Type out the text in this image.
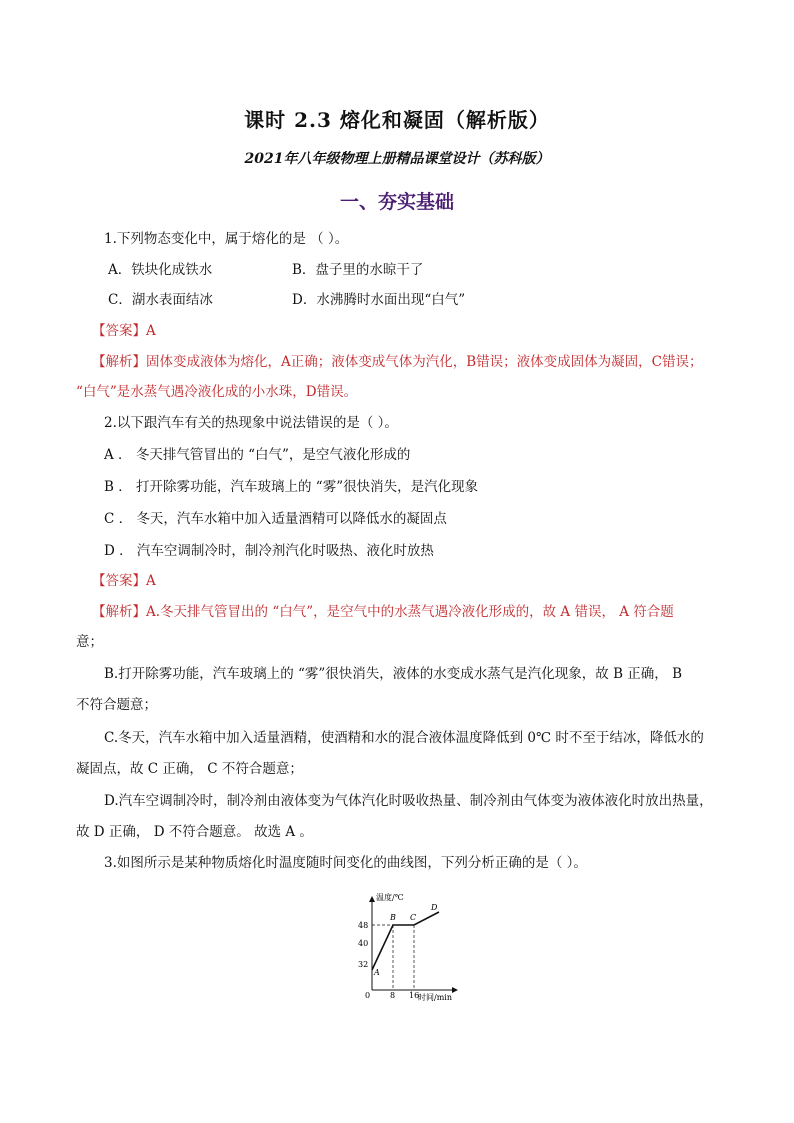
课时 2.3 熔化和凝固（解析版）
2021年八年级物理上册精品课堂设计（苏科版）
一、夯实基础
1.下列物态变化中，属于熔化的是 （ ）。
A．铁块化成铁水	B．盘子里的水晾干了
C．湖水表面结冰	D．水沸腾时水面出现“白气”
【答案】A
【解析】固体变成液体为熔化，A正确；液体变成气体为汽化，B错误；液体变成固体为凝固，C错误；
“白气”是水蒸气遇冷液化成的小水珠，D错误。
2.以下跟汽车有关的热现象中说法错误的是（ ）。
A ． 冬天排气管冒出的 “白气”，是空气液化形成的
B ． 打开除雾功能，汽车玻璃上的 “雾”很快消失，是汽化现象
C ． 冬天，汽车水箱中加入适量酒精可以降低水的凝固点
D ． 汽车空调制冷时，制冷剂汽化时吸热、液化时放热
【答案】A
【解析】A.冬天排气管冒出的 “白气”，是空气中的水蒸气遇冷液化形成的，故 A 错误， A 符合题
意；
B.打开除雾功能，汽车玻璃上的 “雾”很快消失，液体的水变成水蒸气是汽化现象，故 B 正确， B
不符合题意；
C.冬天，汽车水箱中加入适量酒精，使酒精和水的混合液体温度降低到 0℃ 时不至于结冰，降低水的
凝固点，故 C 正确， C 不符合题意；
D.汽车空调制冷时，制冷剂由液体变为气体汽化时吸收热量、制冷剂由气体变为液体液化时放出热量，
故 D 正确， D 不符合题意。 故选 A 。
3.如图所示是某种物质熔化时温度随时间变化的曲线图，下列分析正确的是（ ）。
温度/℃
时间/min
0
48
40
32
8 16
A
B C
D
